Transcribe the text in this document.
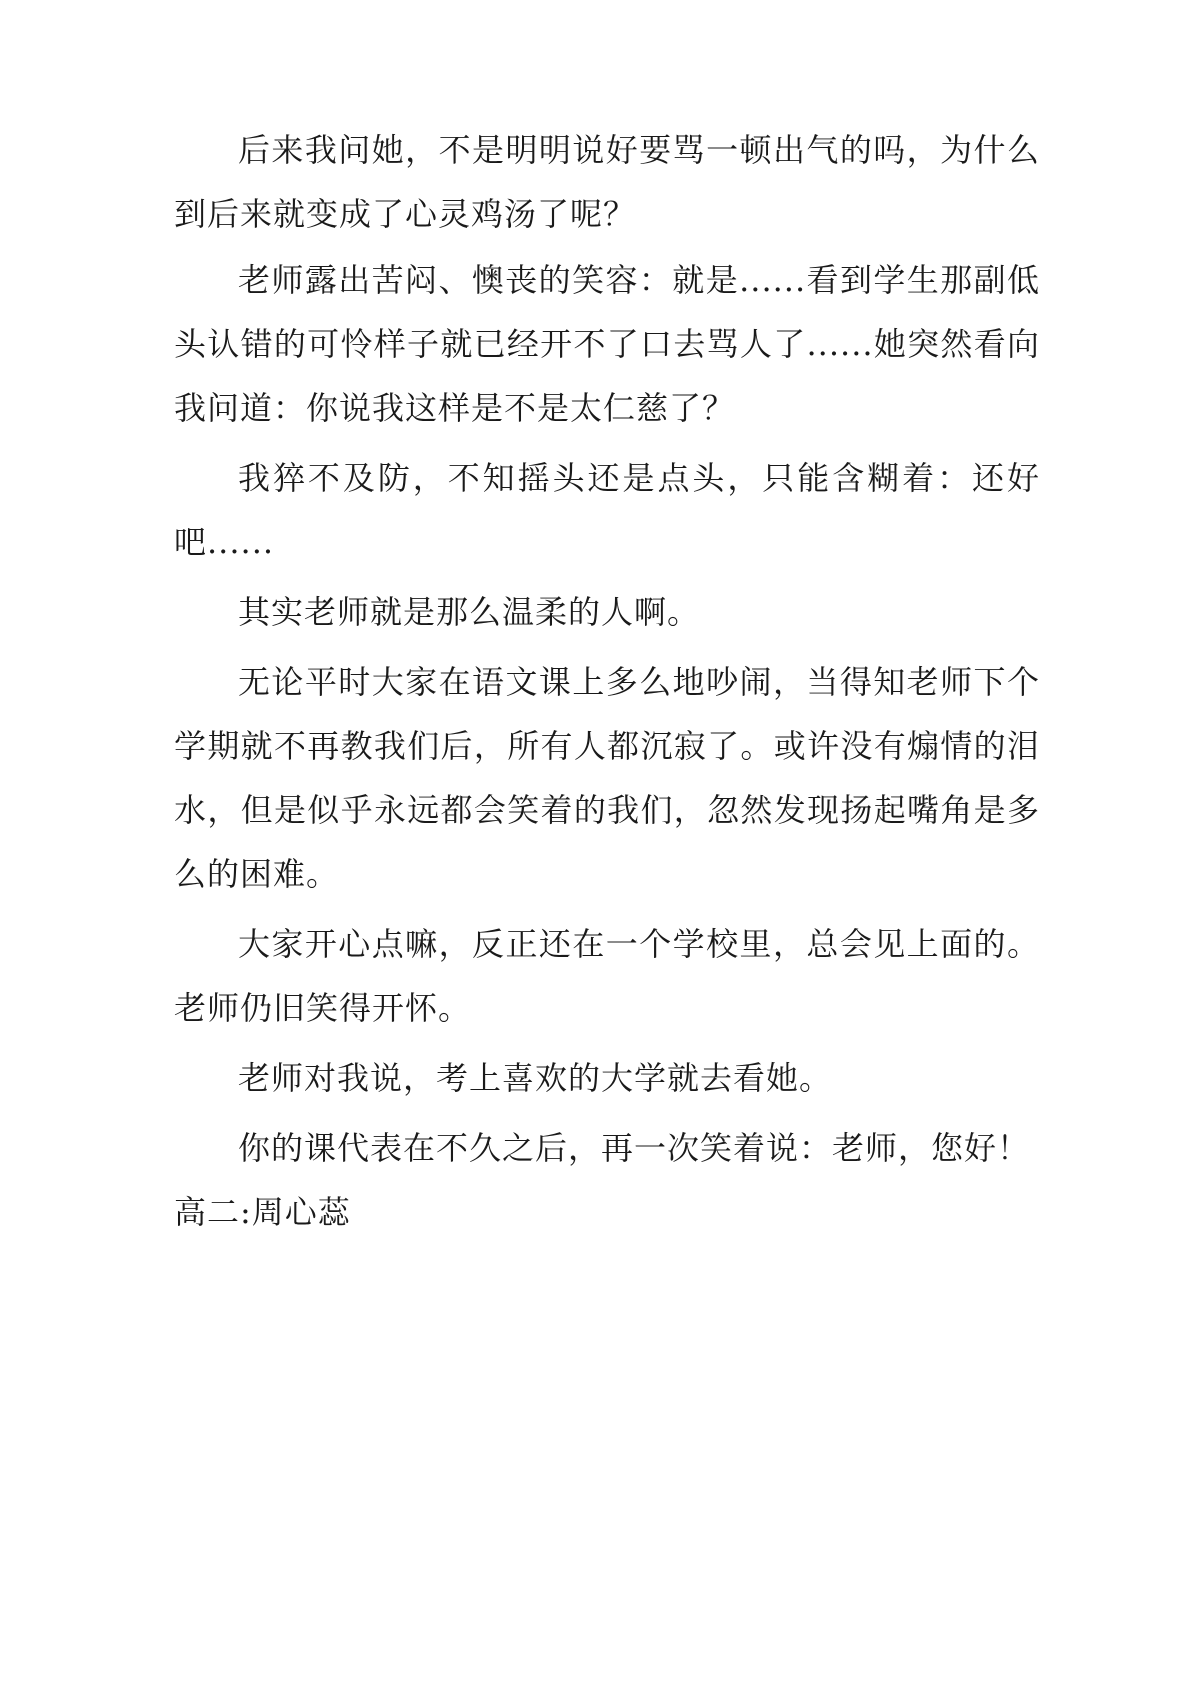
后来我问她，不是明明说好要骂一顿出气的吗，为什么到后来就变成了心灵鸡汤了呢？

老师露出苦闷、懊丧的笑容：就是......看到学生那副低头认错的可怜样子就已经开不了口去骂人了......她突然看向我问道：你说我这样是不是太仁慈了？

我猝不及防，不知摇头还是点头，只能含糊着：还好吧......

其实老师就是那么温柔的人啊。

无论平时大家在语文课上多么地吵闹，当得知老师下个学期就不再教我们后，所有人都沉寂了。或许没有煽情的泪水，但是似乎永远都会笑着的我们，忽然发现扬起嘴角是多么的困难。

大家开心点嘛，反正还在一个学校里，总会见上面的。老师仍旧笑得开怀。

老师对我说，考上喜欢的大学就去看她。

你的课代表在不久之后，再一次笑着说：老师，您好！

高二:周心蕊
